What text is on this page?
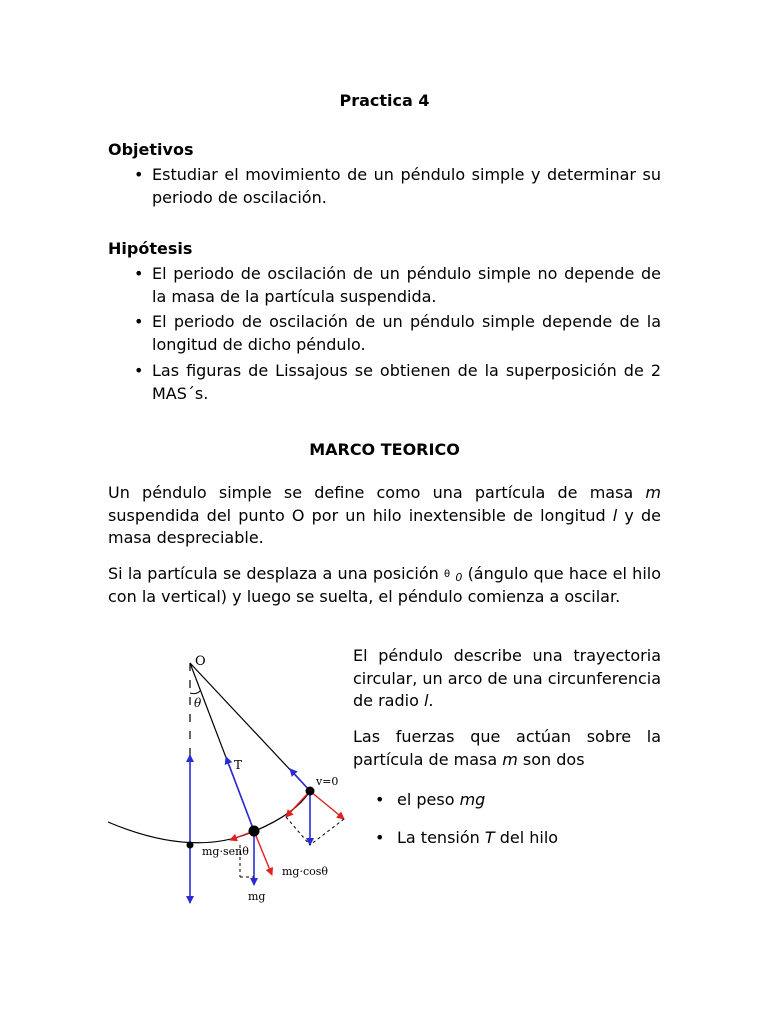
Practica 4
Objetivos
• Estudiar el movimiento de un péndulo simple y determinar su periodo de oscilación.
Hipótesis
• El periodo de oscilación de un péndulo simple no depende de la masa de la partícula suspendida.
• El periodo de oscilación de un péndulo simple depende de la longitud de dicho péndulo.
• Las figuras de Lissajous se obtienen de la superposición de 2 MAS´s.
MARCO TEORICO

Un péndulo simple se define como una partícula de masa m suspendida del punto O por un hilo inextensible de longitud l y de masa despreciable.

Si la partícula se desplaza a una posición θ 0 (ángulo que hace el hilo con la vertical) y luego se suelta, el péndulo comienza a oscilar.

El péndulo describe una trayectoria circular, un arco de una circunferencia de radio l.

Las fuerzas que actúan sobre la partícula de masa m son dos

• el peso mg
• La tensión T del hilo
O
θ
T
v=0
mg·senθ
mg·cosθ
mg
